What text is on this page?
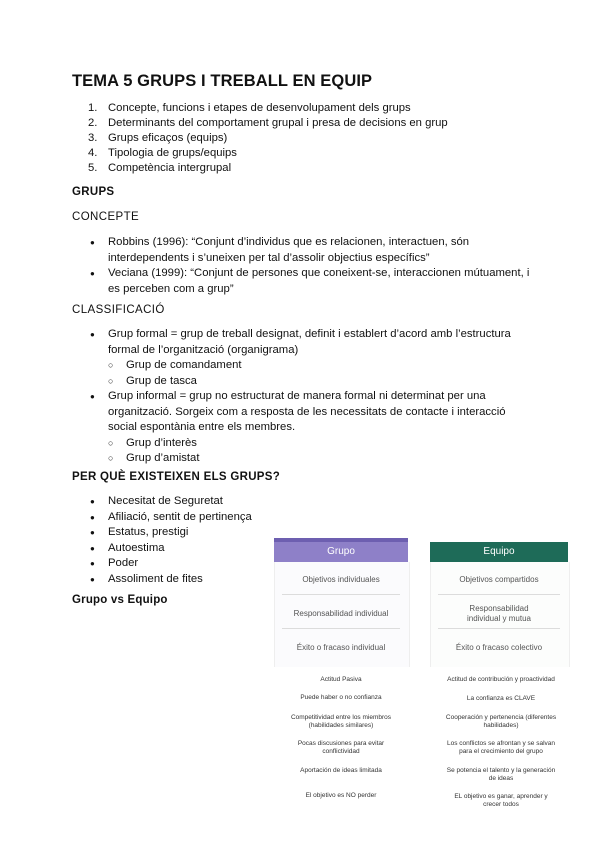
TEMA 5 GRUPS I TREBALL EN EQUIP
1. Concepte, funcions i etapes de desenvolupament dels grups
2. Determinants del comportament grupal i presa de decisions en grup
3. Grups eficaços (equips)
4. Tipologia de grups/equips
5. Competència intergrupal
GRUPS
CONCEPTE
● Robbins (1996): “Conjunt d’individus que es relacionen, interactuen, són
interdependents i s’uneixen per tal d’assolir objectius específics”
● Veciana (1999): “Conjunt de persones que coneixent-se, interaccionen mútuament, i
es perceben com a grup”
CLASSIFICACIÓ
● Grup formal = grup de treball designat, definit i establert d’acord amb l’estructura
formal de l’organització (organigrama)
○ Grup de comandament
○ Grup de tasca
● Grup informal = grup no estructurat de manera formal ni determinat per una
organització. Sorgeix com a resposta de les necessitats de contacte i interacció
social espontània entre els membres.
○ Grup d’interès
○ Grup d’amistat
PER QUÈ EXISTEIXEN ELS GRUPS?
● Necesitat de Seguretat
● Afiliació, sentit de pertinença
● Estatus, prestigi
● Autoestima
● Poder
● Assoliment de fites
Grupo vs Equipo
Grupo	Equipo
Objetivos individuales
Responsabilidad individual
Éxito o fracaso individual
Objetivos compartidos
Responsabilidad
individual y mutua
Éxito o fracaso colectivo
Actitud Pasiva
Puede haber o no confianza
Competitividad entre los miembros
(habilidades similares)
Pocas discusiones para evitar
conflictividad
Aportación de ideas limitada
El objetivo es NO perder
Actitud de contribución y proactividad
La confianza es CLAVE
Cooperación y pertenencia (diferentes
habilidades)
Los conflictos se afrontan y se salvan
para el crecimiento del grupo
Se potencia el talento y la generación
de ideas
EL objetivo es ganar, aprender y
crecer todos
